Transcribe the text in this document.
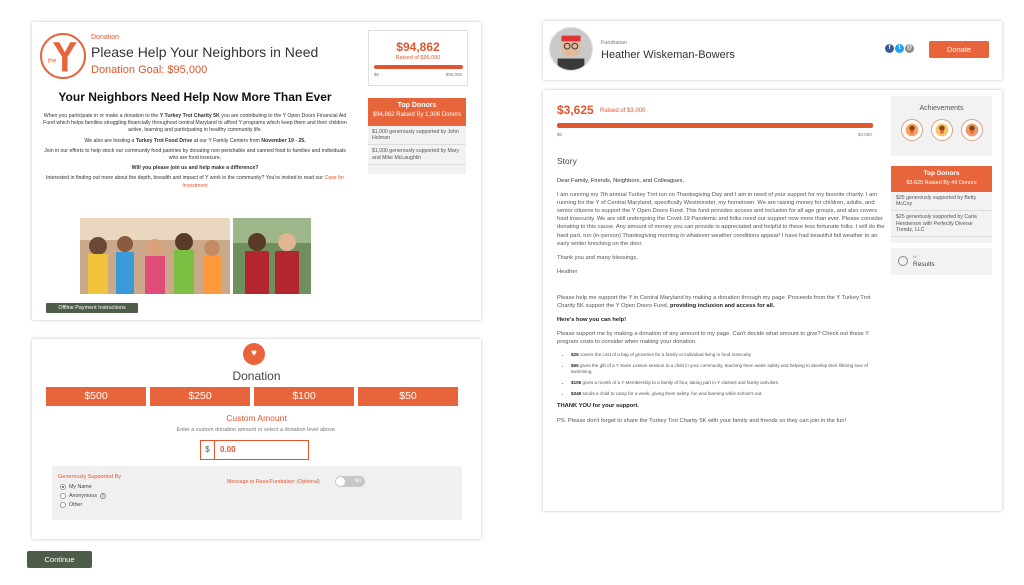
the
Donation
Please Help Your Neighbors in Need
Donation Goal: $95,000
Your Neighbors Need Help Now More Than Ever

When you participate in or make a donation to the Y Turkey Trot Charity 5K you are contributing to the Y Open Doors Financial Aid Fund which helps families struggling financially throughout central Maryland to afford Y programs which keep them and their children active, learning and participating in healthy community life.

We also are hosting a Turkey Trot Food Drive at our Y Family Centers from November 19 - 25.

Join in our efforts to help stock our community food pantries by donating non-perishable and canned food to families and individuals who are food insecure.

Will you please join us and help make a difference?

Interested in finding out more about the depth, breadth and impact of Y work in the community? You're invited to read our Case for Investment

Offline Payment Instructions
$94,862
Raised of $95,000
$0	$95,000
Top Donors
$94,862 Raised By 1,306 Donors
$1,000 generously supported by John Holman
$1,000 generously supported by Mary and Mike McLaughlin
♥
Donation
$500	$250	$100	$50
Custom Amount
Enter a custom donation amount or select a donation level above.
$	0.00
Generously Supported By
My Name
Anonymous	i
Other
Message to Race/Fundraiser (Optional)	No
Continue
Fundraiser
Heather Wiskeman-Bowers
f	t	@	Donate
$3,625 Raised of $3,000
$0	$3,000
Story
Dear Family, Friends, Neighbors, and Colleagues,
I am running my 7th annual Turkey Trot run on Thanksgiving Day and I am in need of your support for my favorite charity. I am running for the Y of Central Maryland, specifically Westminster, my hometown. We are raising money for children, adults, and senior citizens to support the Y Open Doors Fund. This fund provides access and inclusion for all age groups, and also covers food insecurity. We are still undergoing the Covid-19 Pandemic and folks need our support now more than ever. Please consider donating to this cause. Any amount of money you can provide is appreciated and helpful to these less fortunate folks. I will do the hard part, run (in-person) Thanksgiving morning in whatever weather conditions appear! I have had beautiful fall weather to an early winter knocking on the door.
Thank you and many blessings,
Heather
Please help me support the Y in Central Maryland by making a donation through my page. Proceeds from the Y Turkey Trot Charity 5K support the Y Open Doors Fund, providing inclusion and access for all.
Here's how you can help!
Please support me by making a donation of any amount to my page. Can't decide what amount to give? Check out these Y program costs to consider when making your donation.
• $25 covers the cost of a bag of groceries for a family or individual living in food insecurity
• $65 gives the gift of a Y Swim Lesson session to a child in your community, teaching them water safety and helping to develop their lifelong love of swimming.
• $106 gives a month of a Y Membership to a family of four, taking part in Y classes and family activities.
• $346 sends a child to camp for a week, giving them safety, fun and learning while school's out.
THANK YOU for your support.
PS. Please don't forget to share the Turkey Trot Charity 5K with your family and friends so they can join in the fun!
Achievements
Top Donors
$3,625 Raised By 49 Donors
$25 generously supported by Betty McCoy
$25 generously supported by Carla Henderson with Perfectly Diverse Trendz, LLC
W
Results
